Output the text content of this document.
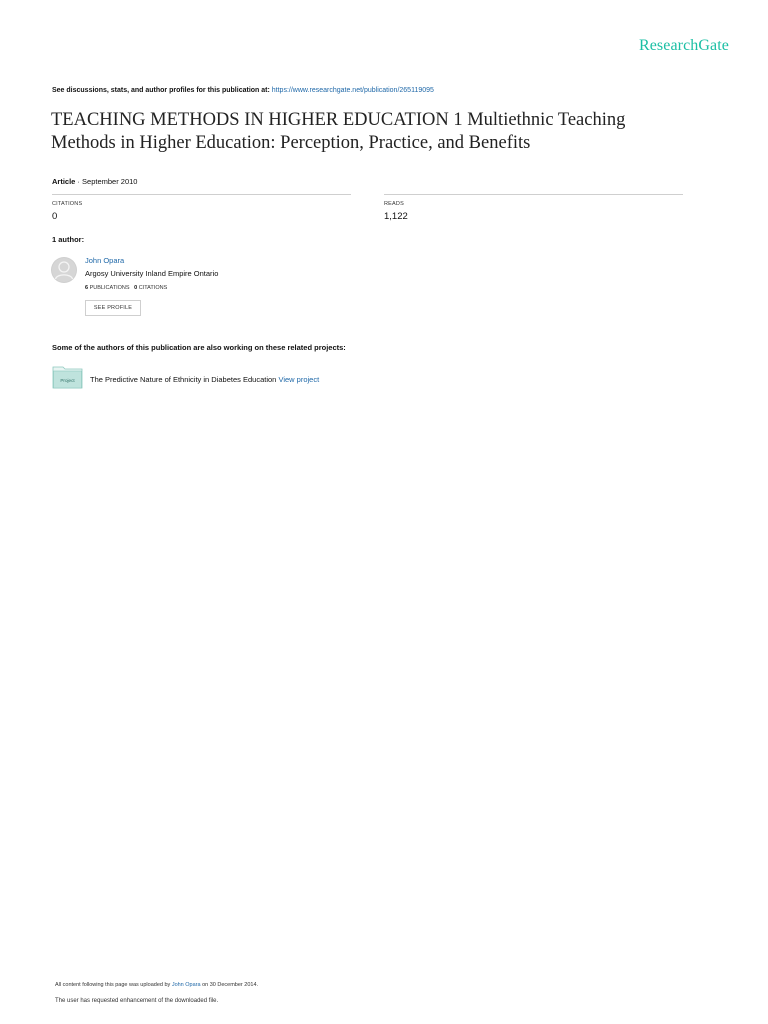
ResearchGate
See discussions, stats, and author profiles for this publication at: https://www.researchgate.net/publication/265119095
TEACHING METHODS IN HIGHER EDUCATION 1 Multiethnic Teaching Methods in Higher Education: Perception, Practice, and Benefits
Article · September 2010
CITATIONS
0
READS
1,122
1 author:
John Opara
Argosy University Inland Empire Ontario
6 PUBLICATIONS 0 CITATIONS
SEE PROFILE
Some of the authors of this publication are also working on these related projects:
Project The Predictive Nature of Ethnicity in Diabetes Education View project
All content following this page was uploaded by John Opara on 30 December 2014.
The user has requested enhancement of the downloaded file.
